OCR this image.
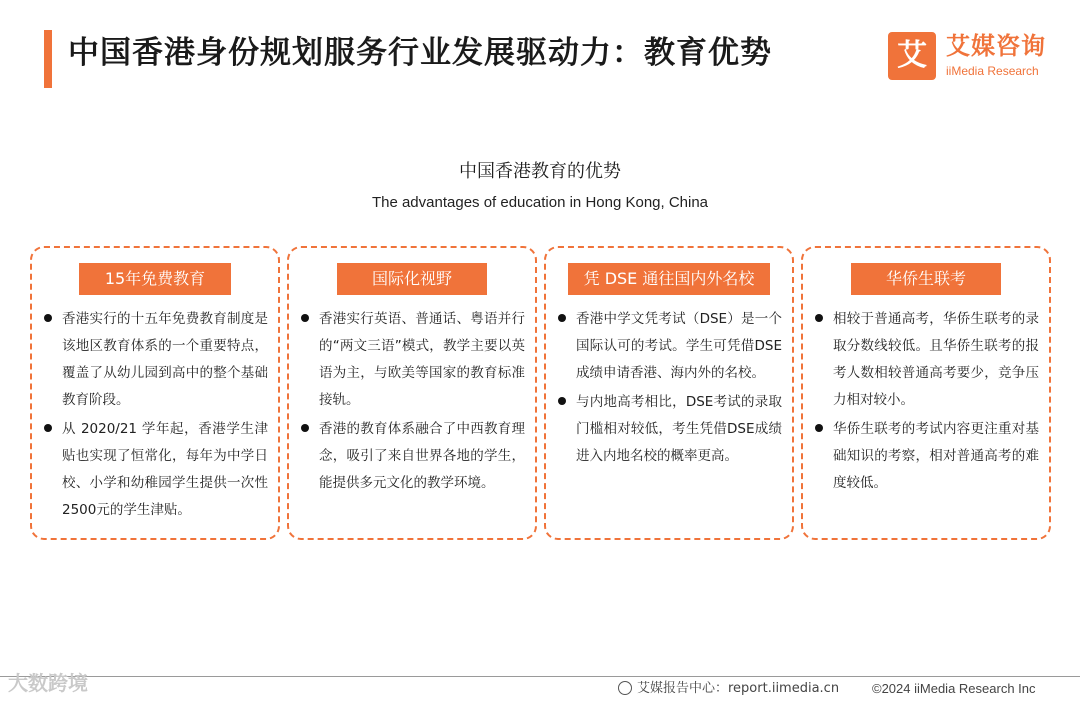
中国香港身份规划服务行业发展驱动力：教育优势	艾 艾媒咨询
iiMedia Research
中国香港教育的优势
The advantages of education in Hong Kong, China
15年免费教育
香港实行的十五年免费教育制度是该地区教育体系的一个重要特点，覆盖了从幼儿园到高中的整个基础教育阶段。
从 2020/21 学年起，香港学生津贴也实现了恒常化，每年为中学日校、小学和幼稚园学生提供一次性2500元的学生津贴。
国际化视野
香港实行英语、普通话、粤语并行的“两文三语”模式，教学主要以英语为主，与欧美等国家的教育标准接轨。
香港的教育体系融合了中西教育理念，吸引了来自世界各地的学生，能提供多元文化的教学环境。
凭 DSE 通往国内外名校
香港中学文凭考试（DSE）是一个国际认可的考试。学生可凭借DSE成绩申请香港、海内外的名校。
与内地高考相比，DSE考试的录取门槛相对较低，考生凭借DSE成绩进入内地名校的概率更高。
华侨生联考
相较于普通高考，华侨生联考的录取分数线较低。且华侨生联考的报考人数相较普通高考要少，竞争压力相对较小。
华侨生联考的考试内容更注重对基础知识的考察，相对普通高考的难度较低。
大数跨境	艾媒报告中心：report.iimedia.cn	©2024 iiMedia Research Inc
